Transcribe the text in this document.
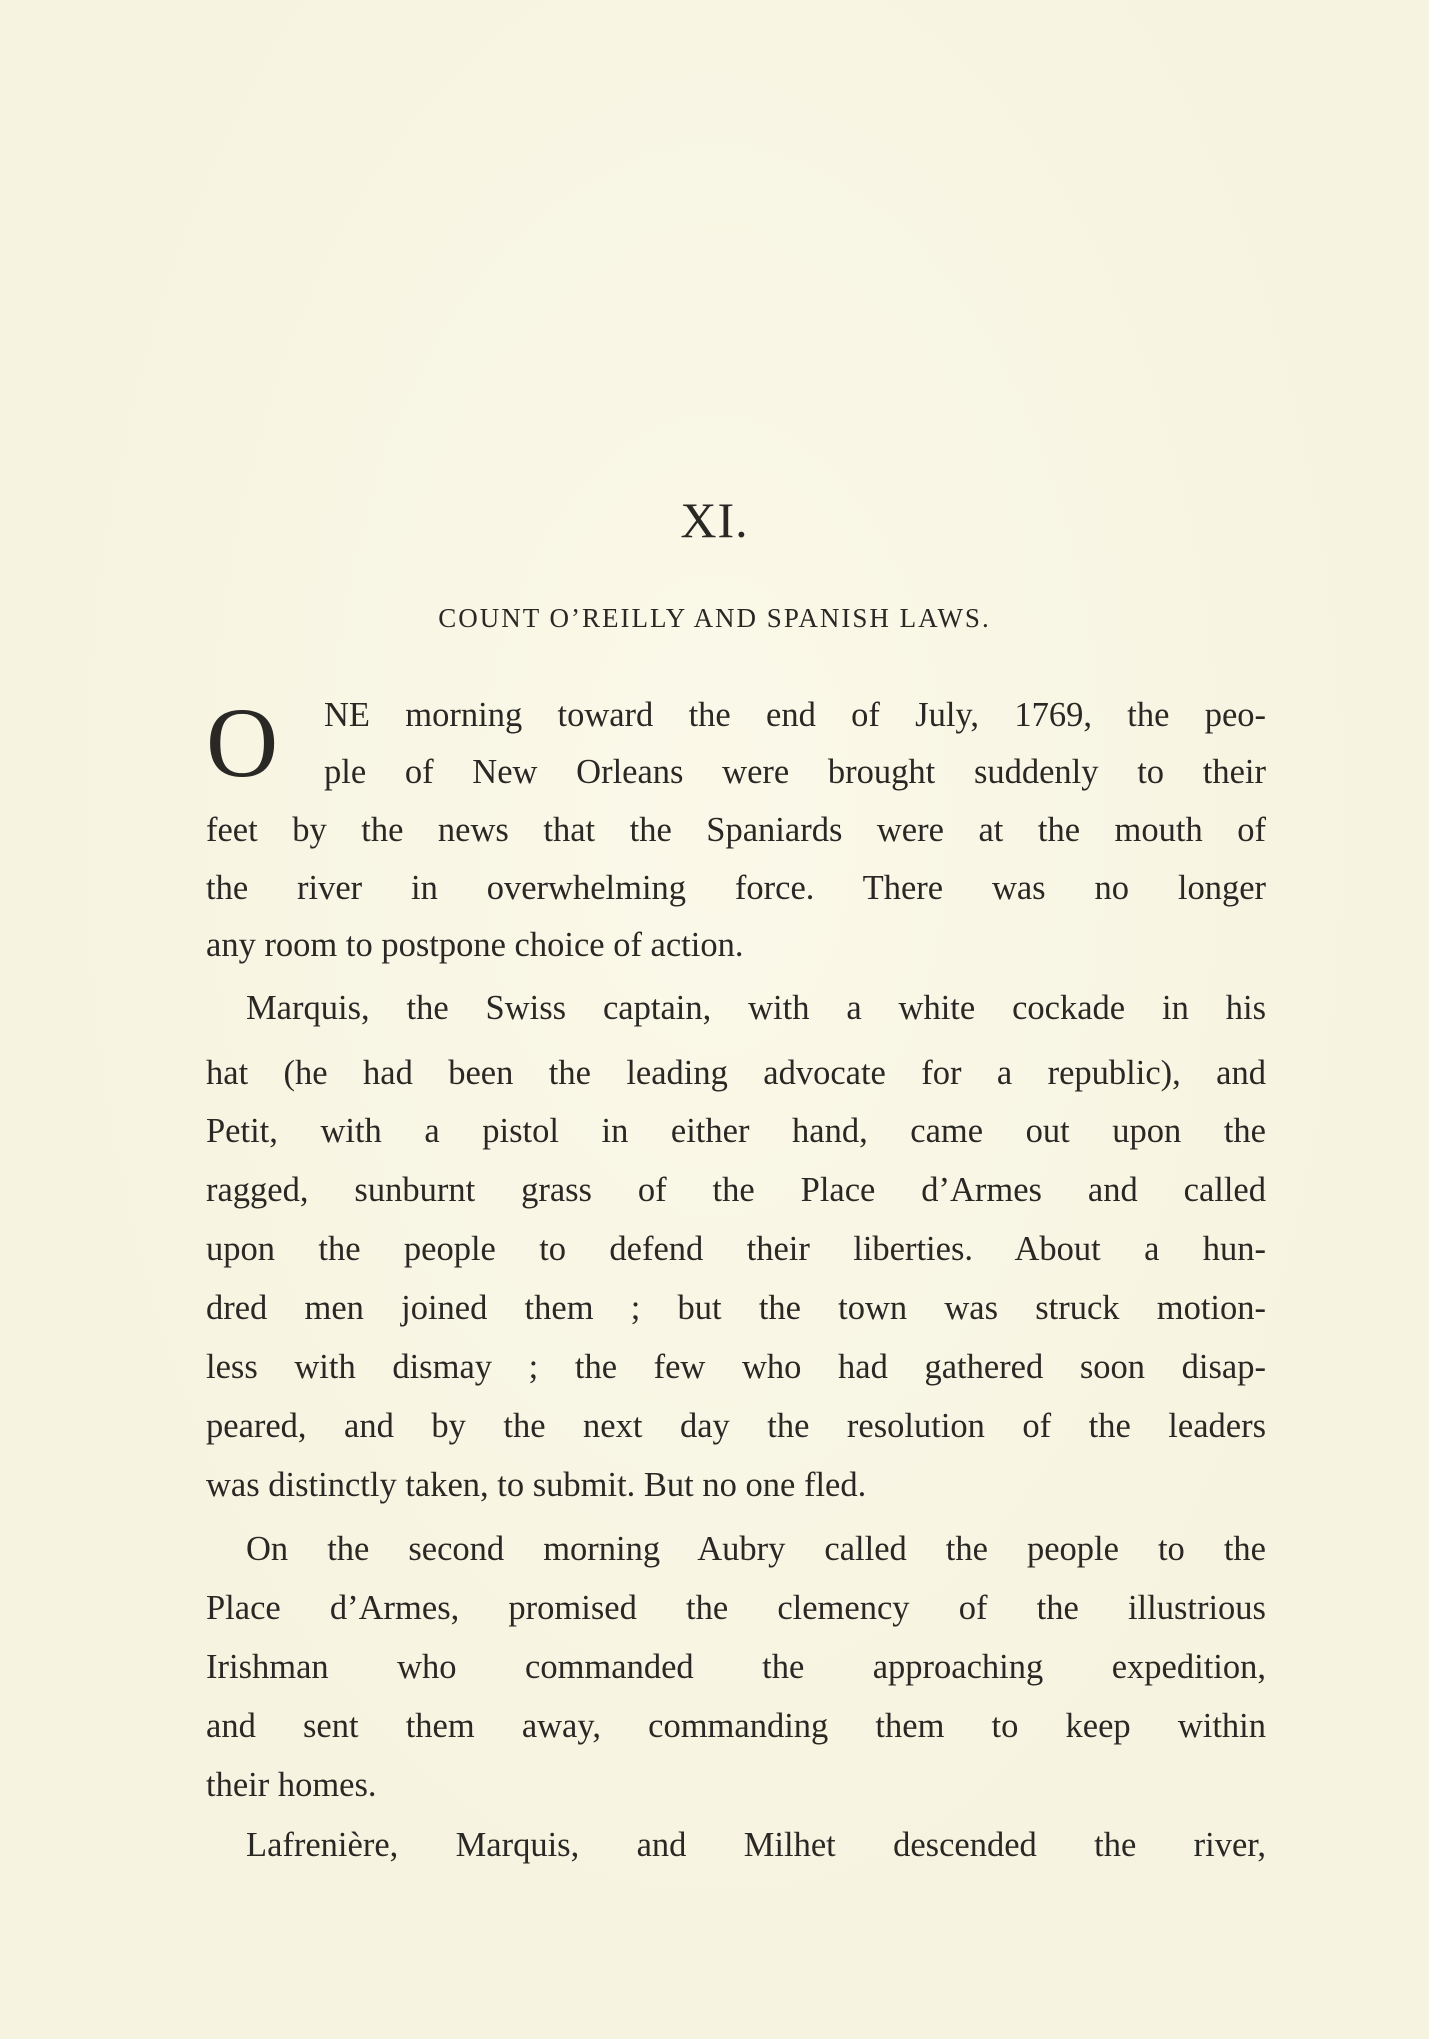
XI.
COUNT O’REILLY AND SPANISH LAWS.
O	NE morning toward the end of July, 1769, the peo-
ple of New Orleans were brought suddenly to their
feet by the news that the Spaniards were at the mouth of
the river in overwhelming force. There was no longer
any room to postpone choice of action.
Marquis, the Swiss captain, with a white cockade in his
hat (he had been the leading advocate for a republic), and
Petit, with a pistol in either hand, came out upon the
ragged, sunburnt grass of the Place d’Armes and called
upon the people to defend their liberties. About a hun-
dred men joined them ; but the town was struck motion-
less with dismay ; the few who had gathered soon disap-
peared, and by the next day the resolution of the leaders
was distinctly taken, to submit. But no one fled.
On the second morning Aubry called the people to the
Place d’Armes, promised the clemency of the illustrious
Irishman who commanded the approaching expedition,
and sent them away, commanding them to keep within
their homes.
Lafrenière, Marquis, and Milhet descended the river,
